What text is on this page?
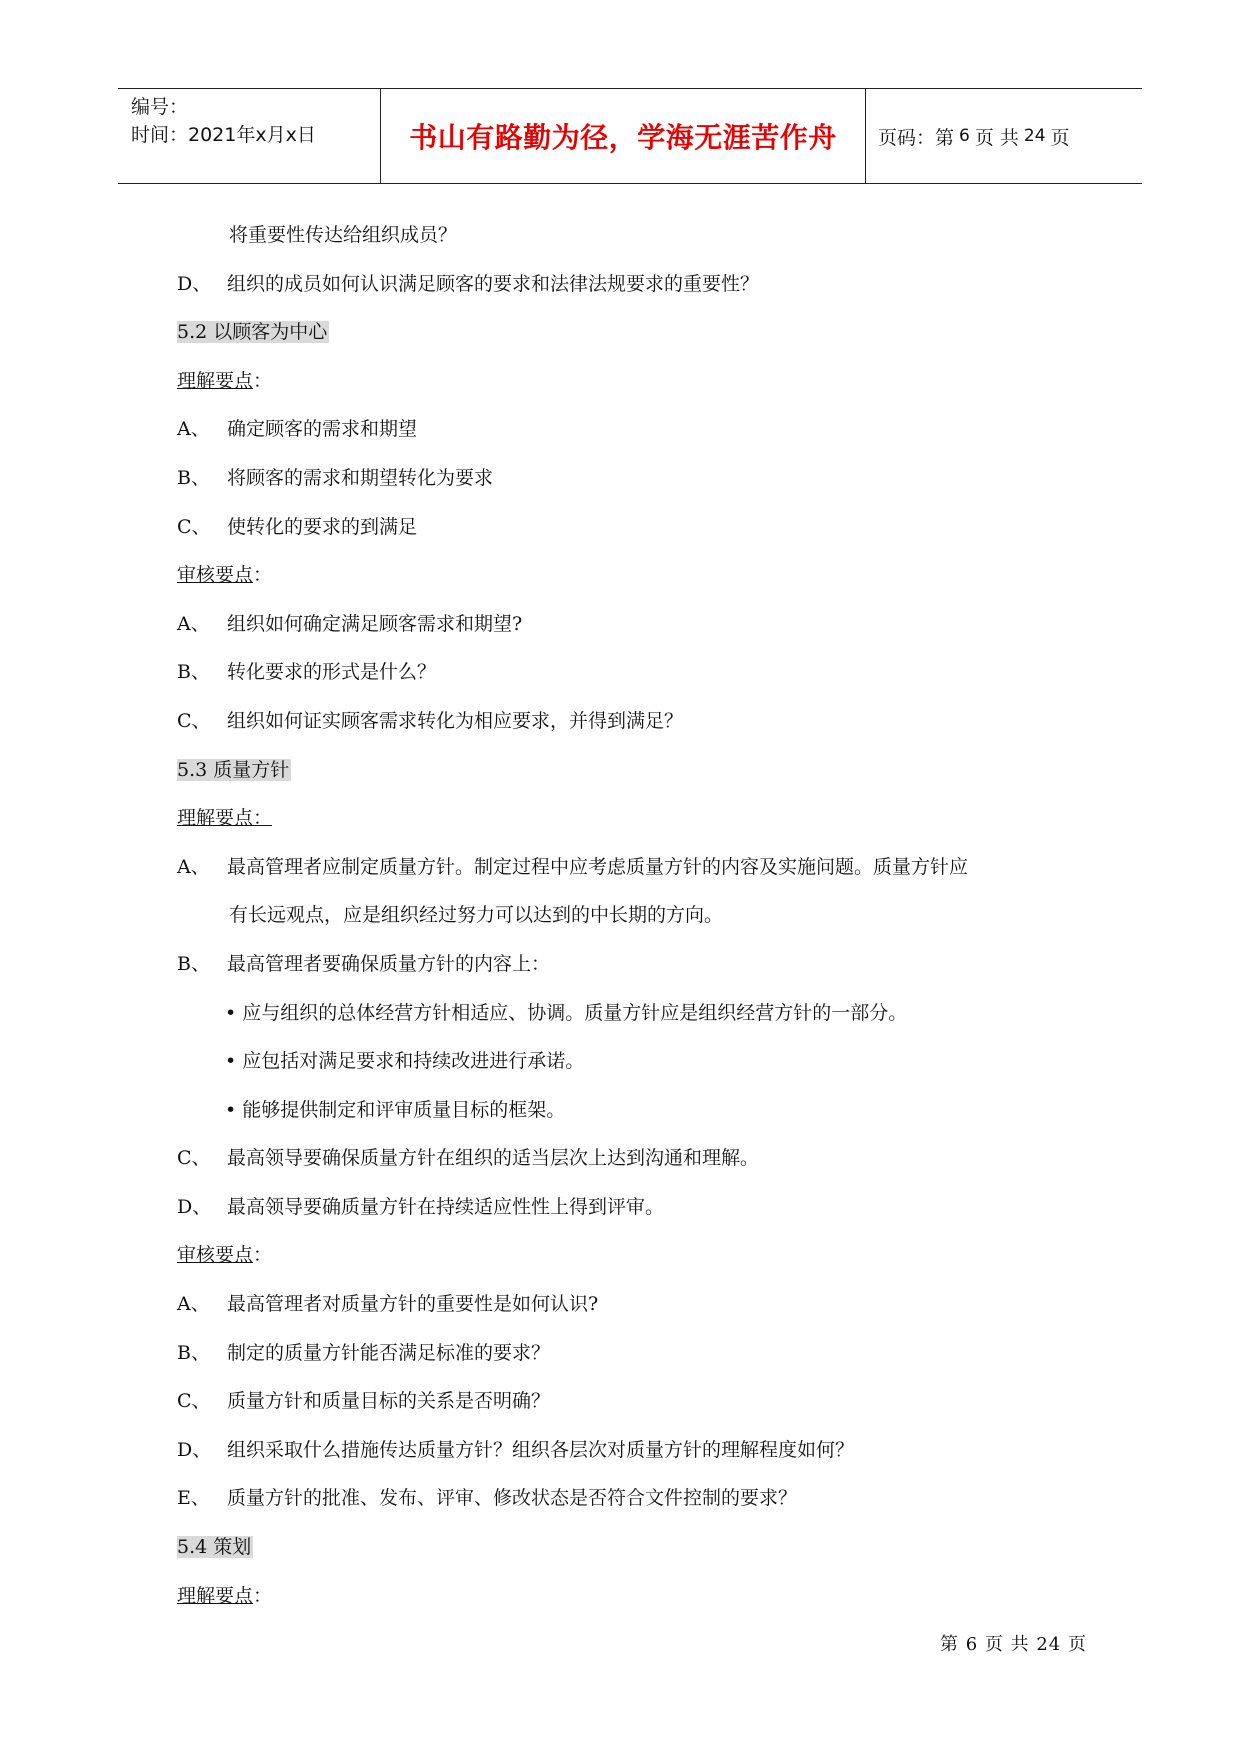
编号：
时间：2021年x月x日	书山有路勤为径，学海无涯苦作舟 页码：第 6 页 共 24 页
将重要性传达给组织成员？
D、 组织的成员如何认识满足顾客的要求和法律法规要求的重要性？
5.2 以顾客为中心
理解要点：
A、 确定顾客的需求和期望
B、 将顾客的需求和期望转化为要求
C、 使转化的要求的到满足
审核要点：
A、 组织如何确定满足顾客需求和期望?
B、 转化要求的形式是什么？
C、 组织如何证实顾客需求转化为相应要求，并得到满足？
5.3 质量方针
理解要点：
A、 最高管理者应制定质量方针。制定过程中应考虑质量方针的内容及实施问题。质量方针应
有长远观点，应是组织经过努力可以达到的中长期的方向。
B、 最高管理者要确保质量方针的内容上：
• 应与组织的总体经营方针相适应、协调。质量方针应是组织经营方针的一部分。
• 应包括对满足要求和持续改进进行承诺。
• 能够提供制定和评审质量目标的框架。
C、 最高领导要确保质量方针在组织的适当层次上达到沟通和理解。
D、 最高领导要确质量方针在持续适应性性上得到评审。
审核要点：
A、 最高管理者对质量方针的重要性是如何认识?
B、 制定的质量方针能否满足标准的要求？
C、 质量方针和质量目标的关系是否明确？
D、 组织采取什么措施传达质量方针？组织各层次对质量方针的理解程度如何？
E、 质量方针的批准、发布、评审、修改状态是否符合文件控制的要求？
5.4 策划
理解要点：
第 6 页 共 24 页
